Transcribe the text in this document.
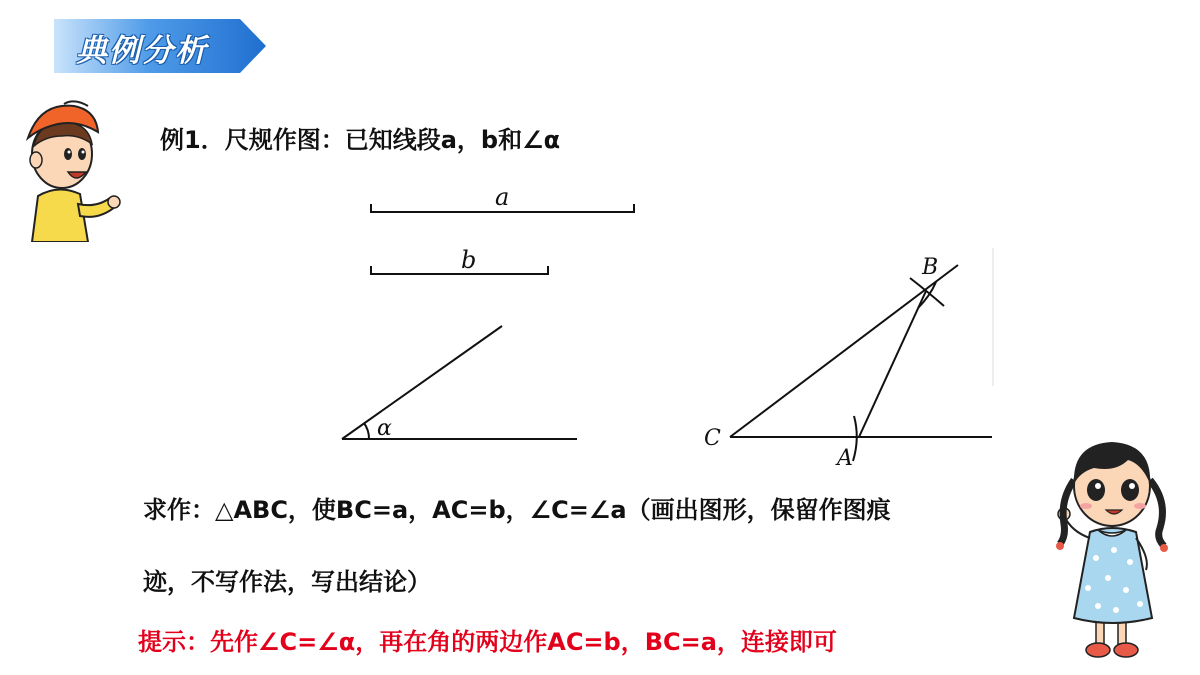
典例分析
例1．尺规作图：已知线段a，b和∠α
a
b
α
B
C
A
求作：△ABC，使BC=a，AC=b，∠C=∠a（画出图形，保留作图痕
迹，不写作法，写出结论）
提示：先作∠C=∠α，再在角的两边作AC=b，BC=a，连接即可
